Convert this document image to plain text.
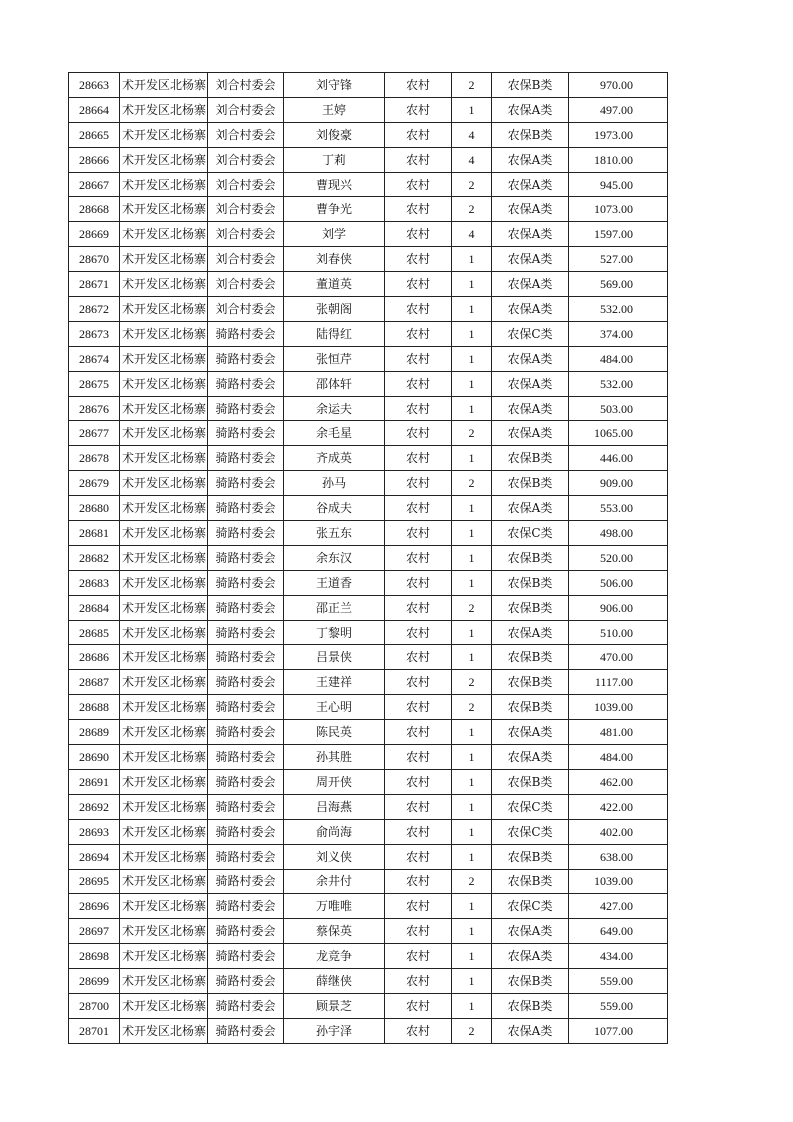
28663	术开发区北杨寨	刘合村委会	刘守锋	农村	2	农保B类	970.00
28664	术开发区北杨寨	刘合村委会	王婷	农村	1	农保A类	497.00
28665	术开发区北杨寨	刘合村委会	刘俊豪	农村	4	农保B类	1973.00
28666	术开发区北杨寨	刘合村委会	丁莉	农村	4	农保A类	1810.00
28667	术开发区北杨寨	刘合村委会	曹现兴	农村	2	农保A类	945.00
28668	术开发区北杨寨	刘合村委会	曹争光	农村	2	农保A类	1073.00
28669	术开发区北杨寨	刘合村委会	刘学	农村	4	农保A类	1597.00
28670	术开发区北杨寨	刘合村委会	刘春侠	农村	1	农保A类	527.00
28671	术开发区北杨寨	刘合村委会	董道英	农村	1	农保A类	569.00
28672	术开发区北杨寨	刘合村委会	张朝阁	农村	1	农保A类	532.00
28673	术开发区北杨寨	骑路村委会	陆得红	农村	1	农保C类	374.00
28674	术开发区北杨寨	骑路村委会	张恒芹	农村	1	农保A类	484.00
28675	术开发区北杨寨	骑路村委会	邵体轩	农村	1	农保A类	532.00
28676	术开发区北杨寨	骑路村委会	余运夫	农村	1	农保A类	503.00
28677	术开发区北杨寨	骑路村委会	余毛星	农村	2	农保A类	1065.00
28678	术开发区北杨寨	骑路村委会	齐成英	农村	1	农保B类	446.00
28679	术开发区北杨寨	骑路村委会	孙马	农村	2	农保B类	909.00
28680	术开发区北杨寨	骑路村委会	谷成夫	农村	1	农保A类	553.00
28681	术开发区北杨寨	骑路村委会	张五东	农村	1	农保C类	498.00
28682	术开发区北杨寨	骑路村委会	余东汉	农村	1	农保B类	520.00
28683	术开发区北杨寨	骑路村委会	王道香	农村	1	农保B类	506.00
28684	术开发区北杨寨	骑路村委会	邵正兰	农村	2	农保B类	906.00
28685	术开发区北杨寨	骑路村委会	丁黎明	农村	1	农保A类	510.00
28686	术开发区北杨寨	骑路村委会	吕景侠	农村	1	农保B类	470.00
28687	术开发区北杨寨	骑路村委会	王建祥	农村	2	农保B类	1117.00
28688	术开发区北杨寨	骑路村委会	王心明	农村	2	农保B类	1039.00
28689	术开发区北杨寨	骑路村委会	陈民英	农村	1	农保A类	481.00
28690	术开发区北杨寨	骑路村委会	孙其胜	农村	1	农保A类	484.00
28691	术开发区北杨寨	骑路村委会	周开侠	农村	1	农保B类	462.00
28692	术开发区北杨寨	骑路村委会	吕海燕	农村	1	农保C类	422.00
28693	术开发区北杨寨	骑路村委会	俞尚海	农村	1	农保C类	402.00
28694	术开发区北杨寨	骑路村委会	刘义侠	农村	1	农保B类	638.00
28695	术开发区北杨寨	骑路村委会	余井付	农村	2	农保B类	1039.00
28696	术开发区北杨寨	骑路村委会	万唯唯	农村	1	农保C类	427.00
28697	术开发区北杨寨	骑路村委会	蔡保英	农村	1	农保A类	649.00
28698	术开发区北杨寨	骑路村委会	龙竞争	农村	1	农保A类	434.00
28699	术开发区北杨寨	骑路村委会	薛继侠	农村	1	农保B类	559.00
28700	术开发区北杨寨	骑路村委会	顾景芝	农村	1	农保B类	559.00
28701	术开发区北杨寨	骑路村委会	孙宇泽	农村	2	农保A类	1077.00
